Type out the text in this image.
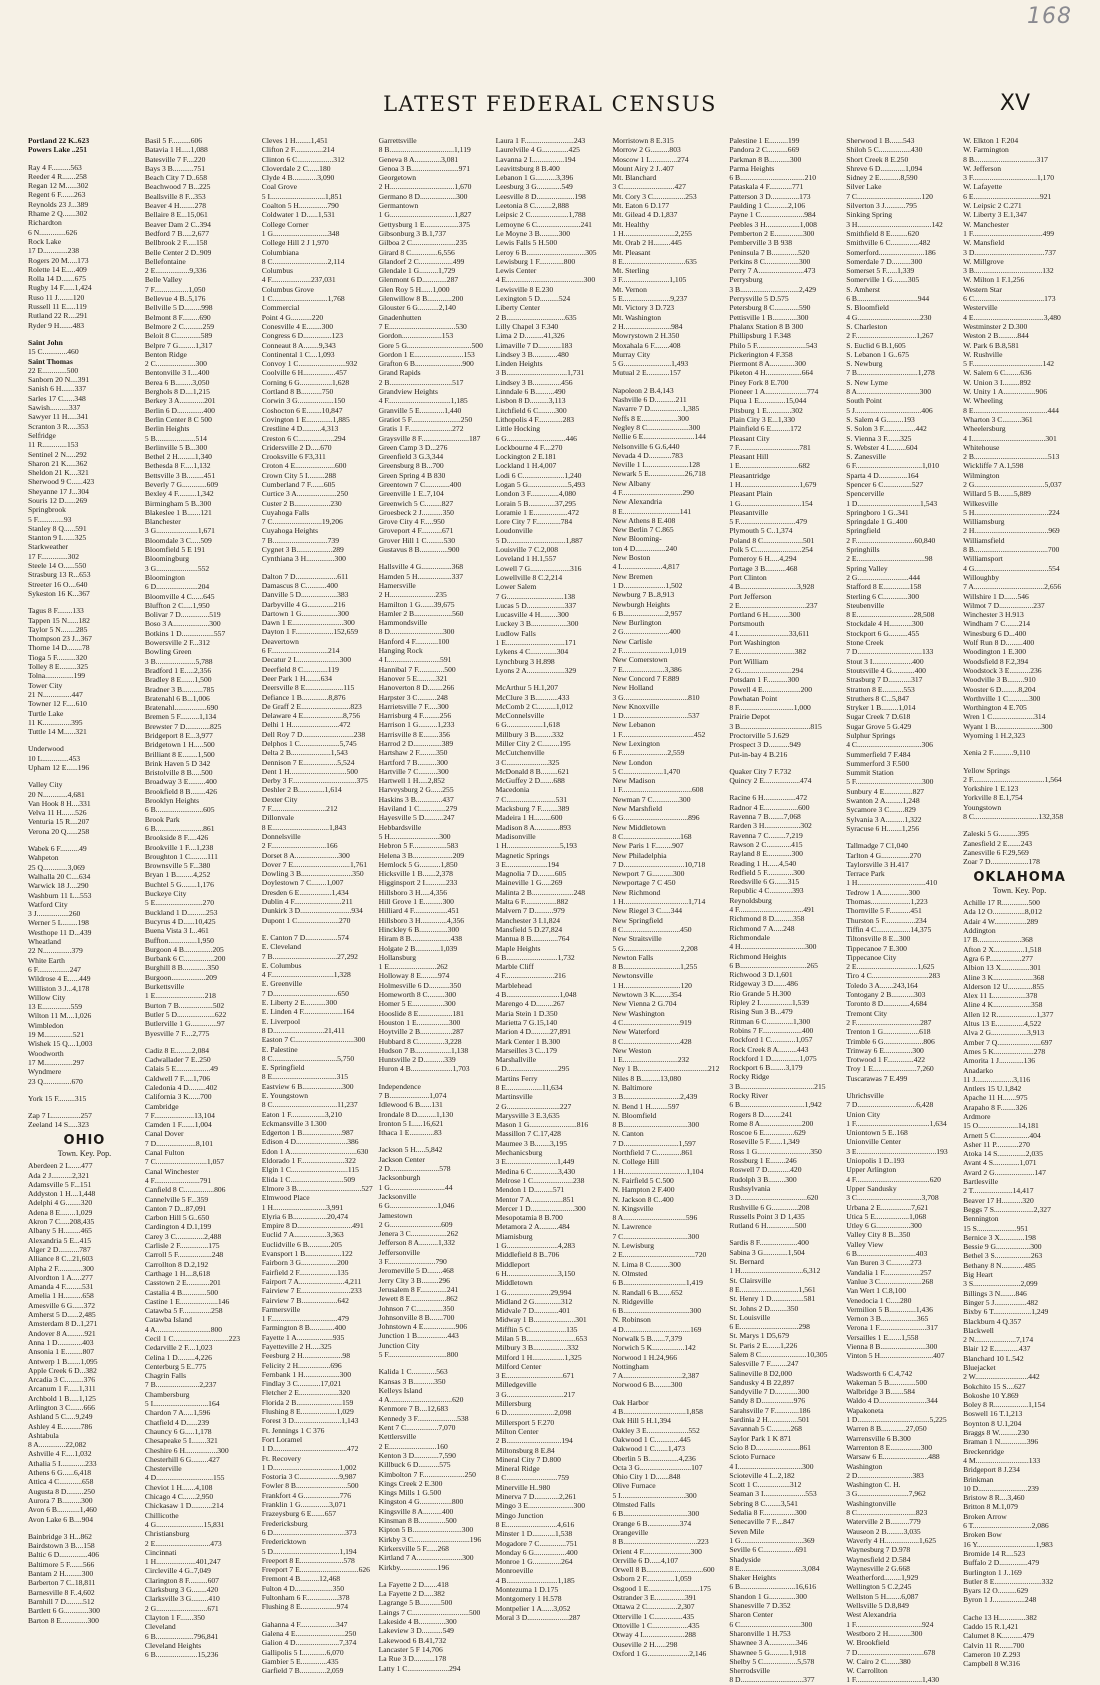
168
LATEST FEDERAL CENSUS	XV
Portland 22 K..623
Powers Lake ..251
Ray 4 F..........563
Reeder 4 R.......258
Regan 12 M......302
Regent 6 F.......263
Reynolds 23 J...389
Rhame 2 Q.......302
Richardton
6 N..............626
Rock Lake
17 D.............238
Rogers 20 M.....173
Rolette 14 E.....409
Rolla 14 D.......675
Rugby 14 F......1,424
Ruso 11 J........120
Russell 11 E.....119
Rutland 22 R....291
Ryder 9 H.......483
Saint John
15 C.............460
Saint Thomas
22 E.............500
Sanborn 20 N....391
Sanish 6 H.......337
Sarles 17 C......348
Sawish..........337
Sawyer 11 H.....341
Scranton 3 R.....353
Selfridge
11 R.............153
Sentinel 2 N.....292
Sharon 21 K.....362
Sheldon 21 K....321
Sherwood 9 C......423
Sheyanne 17 J...304
Souris 12 D......269
Springbrook
5 F..............93
Stanley 8 Q......591
Stanton 9 L......325
Starkweather
17 F..............302
Steele 14 O......550
Strasburg 13 R...653
Streeter 16 O....640
Sykeston 16 K...367
Tagus 8 F........133
Tappen 15 N......182
Taylor 5 N........285
Thompson 23 J...367
Thorne 14 D........78
Tioga 5 F..........320
Tolley 8 E.........325
Tolna...............199
Tower City
21 N...............447
Towner 12 F.....610
Turtle Lake
11 K...............395
Tuttle 14 M......321
Underwood
10 L..............453
Upham 12 E......196
Valley City
20 N.............4,681
Van Hook 8 H....331
Velva 11 H.......526
Venturia 15 R....207
Verona 20 Q......258
Wabek 6 F..........49
Wahpeton
25 Q.............3,069
Walhalla 20 C....634
Warwick 18 J....290
Washburn 11 L...553
Watford City
3 J.................260
Werner 5 L........198
Westhope 11 D...439
Wheatland
22 N...............379
White Earth
6 F.................247
Wildrose 4 E......449
Williston 3 J...4,178
Willow City
13 E...............559
Wilton 11 M....1,026
Wimbledon
19 M...............521
Wishek 15 Q....1,003
Woodworth
17 M...............297
Wyndmere
23 Q...............670
York 15 F.........315
Zap 7 L...............257
Zeeland 14 S.....323
OHIO
Town. Key. Pop.
Aberdeen 2 L......477
Ada 2 J...........2,321
Adamsville 5 F...151
Addyston 1 H....1,448
Adelphi 4 G........320
Adena 8 E........1,029
Akron 7 C.....208,435
Albany 5 H.........465
Alexandria 5 E...415
Alger 2 D...........787
Alliance 8 C...21,603
Alpha 2 F.............300
Alvordton 1 A.....277
Amanda 4 F.........531
Amelia 1 H..........658
Amesville 6 G......372
Amherst 5 D......2,485
Amsterdam 8 D..1,271
Andover 8 A.........921
Anna 1 D.............403
Ansonia 1 E.........807
Antwerp 1 B.......1,095
Apple Creek 6 D...382
Arcadia 3 C..........376
Arcanum 1 F......1,311
Archbold 1 B.....1,125
Arlington 3 C.......666
Ashland 5 C.....9,249
Ashley 4 E..........786
Ashtabula
8 A..............22,082
Ashville 4 F.....1,032
Athalia 5 I.............233
Athens 6 G......6,418
Attica 4 C............658
Augusta 8 D.........250
Aurora 7 B..........300
Avon 6 B............1,460
Avon Lake 6 B....904
Bainbridge 3 H...862
Bairdstown 3 B....158
Baltic 6 D...............406
Baltimore 5 F.......566
Bantam 2 H.........300
Barberton 7 C..18,811
Barnesville 8 F..4,602
Barnhill 7 D.........512
Bartlett 6 G.............300
Barton 8 E..............300
Basil 5 F..........606
Batavia 1 H.....1,088
Batesville 7 F....220
Bays 3 B...........751
Beach City 7 D..658
Beachwood 7 B...225
Beallsville 8 F...353
Beaver 4 H........278
Bellaire 8 E...15,061
Beaver Dam 2 C..394
Bedford 7 B.....2,677
Bellbrook 2 F.....158
Belle Center 2 D..909
Bellefontaine
2 E..................9,336
Belle Valley
7 F..................1,050
Bellevue 4 B..5,176
Bellville 5 D.........998
Belmont 8 F.........690
Belmore 2 C..........259
Beloit 8 C.............589
Belpre 7 G.........1,317
Benton Ridge
2 C.....................300
Bentonville 3 I....400
Berea 6 B.........3,050
Berghols 8 D....1,215
Berkey 3 A.............201
Berlin 6 D..............400
Berlin Center 8 C 500
Berlin Heights
5 B.....................514
Berlinville 5 B...300
Bethel 2 H.........1,340
Bethesda 8 F.....1,132
Bettsville 3 B.........451
Beverly 7 G.............609
Bexley 4 F..........1,342
Birmingham 5 B..300
Blakeslee 1 B.......121
Blanchester
3 G......................1,671
Bloomdale 3 C.....509
Bloomfield 5 E 191
Bloomingburg
3 G......................552
Bloomington
6 D......................204
Bloomville 4 C......645
Bluffton 2 C.....1,950
Bolivar 7 D...............519
Boso 3 A...................300
Botkins 1 D.................557
Bowersville 2 F...312
Bowling Green
3 B.....................5,788
Bradford 1 E.....2,356
Bradley 8 E.......1,500
Bradner 3 B...........785
Bratenahl 6 B...1,006
Bratenahl.................690
Bremen 5 F..........1,134
Brewster 7 D.............825
Bridgeport 8 E...3,977
Bridgetown 1 H.....500
Brilliant 8 E........1,500
Brink Haven 5 D 342
Bristolville 8 B.....500
Broadway 3 E.........400
Brookfield 8 B........426
Brooklyn Heights
6 B.........................605
Brook Park
6 B.........................861
Brookside 8 F.....426
Brookville 1 F....1,238
Broughton 1 C.........111
Brownsville 5 F...380
Bryan 1 B.........4,252
Buchtel 5 G........1,176
Buckeye City
5 E.........................270
Buckland 1 D..........253
Bucyrus 4 D......10,425
Buena Vista 3 I...461
Buffton...............1,950
Burgoon 4 B...............205
Burbank 6 C................200
Burghill 8 B.............350
Burgoon..................209
Burkettsville
1 E..........................218
Burton 7 B..................502
Butler 5 D....................622
Butlerville 1 G..............97
Byesville 7 F....2,775
Cadiz 8 E.........2,084
Cadwallader 7 E..250
Calais 5 E..................49
Caldwell 7 F.....1,706
Caledonia 4 D.........402
California 3 K......700
Cambridge
7 F.....................13,104
Camden 1 F.......1,004
Canal Dover
7 D.....................8,101
Canal Fulton
7 C...........................1,057
Canal Winchester
4 F........................791
Canfield 8 C................806
Cannelville 5 F...359
Canton 7 D...87,091
Carbon Hill 5 G..650
Cardington 4 D.1,199
Carey 3 C...............2,488
Carlisle 2 F...............175
Carroll 5 F..................248
Carrollton 8 D.2,192
Carthage 1 H....8,618
Casstown 2 E............201
Castalia 4 B.............500
Castine 1 E....................146
Catawba 5 F...............258
Catawba Island
4 A.............................800
Cecil 1 C.............................223
Cedarville 2 F....1,023
Celina 1 D.........4,226
Centerburg 5 E..775
Chagrin Falls
7 B.......................2,237
Chambersburg
5 I.............................164
Chardon 7 A.....1,596
Chatfield 4 D......239
Chauncy 6 G.....1,178
Chesapeake 5 I........321
Cheshire 6 H.................300
Chesterhill 6 G.........427
Chesterville
4 D..............................155
Cheviot 1 H.......4,108
Chicago 4 C.......2,950
Chickasaw 1 D...........214
Chillicothe
4 G.........................15,831
Christiansburg
2 E.............................473
Cincinnati
1 H.....................401,247
Circleville 4 G..7,049
Clarington 8 F..........607
Clarksburg 3 G........420
Clarksville 3 G.........410
2 G...........................671
Clayton 1 F.......350
Cleveland
6 B....................796,841
Cleveland Heights
6 B......................15,236
Cleves 1 H........1,451
Clifton 2 F...............214
Clinton 6 C...................312
Cloverdale 2 C......180
Clyde 4 B.............3,090
Coal Grove
5 I.............................1,851
Coalton 5 H...............790
Coldwater 1 D......1,531
College Corner
1 G.............................348
College Hill 2 J 1,970
Columbiana
8 C.............................2,114
Columbus
4 F.....................237,031
Columbus Grove
1 C.............................1,768
Commercial
Point 4 G...........220
Conesville 4 E........300
Congress 6 D...............123
Conneaut 8 A........9,343
Continental 1 C....1,093
Convoy 1 C.........................932
Coolville 6 H.................457
Corning 6 G.................1,628
Cortland 8 B...........750
Corwin 3 G...................150
Coshocton 6 E........10,847
Covington 1 E..............1,885
Crestline 4 D..........4,313
Creston 6 C...................294
Cridersville 2 D.....670
Crooksville 6 F3,311
Croton 4 E.....................600
Crown City 5 I.........288
Cumberland 7 F.......605
Curtice 3 A.....................250
Custer 2 B...................230
Cuyahoga Falls
7 C..........................19,206
Cuyahoga Heights
7 B.............................739
Cygnet 3 B...................289
Cynthiana 3 H...............300
Dalton 7 D......................611
Damascus 8 C...........400
Danville 5 D...................383
Darbyville 4 G..............216
Dartown 1 G...................300
Dawn 1 E...........................300
Dayton 1 F....................152,659
Deavertown
6 F..............................214
Decatur 2 I.......................300
Deerfield 8 C.............119
Deer Park 1 H........634
Deersville 8 E....................115
Defiance 1 B..............8,876
De Graff 2 E..........................823
Delaware 4 E.....................8,756
Delhi 1 H.........................472
Dell Roy 7 D...........................238
Delphos 1 C.....................5,745
Delta 2 B.....................1,543
Dennison 7 E..................5,524
Dent 1 H..............................500
Derby 3 F..................................375
Deshler 2 B..............1,614
Dexter City
7 F.............................212
Dillonvale
8 E..............................1,843
Donnelsville
2 F.............................166
Dorset 8 A.......................300
Dover 7 E..............................1,761
Dowling 3 B...........................350
Doylestown 7 C........1,007
Dresden 6 E.................1,434
Dublin 4 F.........................211
Dunkirk 3 D...........................934
Dupont 1 C......................270
E. Canton 7 D.................574
E. Cleveland
7 B..................................27,292
E. Columbus
4 F.................................1,328
E. Greenville
7 D..................................650
E. Liberty 2 E...........300
E. Linden 4 F.....................164
E. Liverpool
8 D...........................21,411
Easton 7 C...............................300
E. Palestine
8 C..................................5,750
E. Springfield
8 E..................................315
Eastview 6 B.....................300
E. Youngstown
8 C..................................11,237
Eaton 1 F..................3,210
Eckmansville 3 I.300
Edgerton 1 B.....................987
Edison 4 D...........................386
Edon 1 A...................................630
Eldorado 1 F.......................322
Elgin 1 C..............................115
Elida 1 C............................509
Elmore 3 B..................................527
Elmwood Place
1 H............................3,991
Elyria 6 B..................20,474
Empire 8 D.............................491
Euclid 7 A.................3,363
Euclidville 6 B............205
Evansport 1 B...................122
Fairborn 3 G...................200
Fairfield 2 F....................135
Fairport 7 A........................4,211
Fairview 7 E..........................233
Fairview 7 B...................642
Farmersville
1 F...................................479
Farmington 8 B.............400
Fayette 1 A...................935
Fayetteville 2 H.....325
Feesburg 2 H.....................98
Felicity 2 H.................696
Fernbank 1 H...................300
Findlay 3 C............17,021
Fletcher 2 E.....................320
Florida 2 B........................159
Flushing 8 E...................1,029
Forest 3 D.........................1,143
Ft. Jennings 1 C 376
Fort Loramel
1 D.......................................472
Ft. Recovery
1 D...................................1,002
Fostoria 3 C.....................9,987
Fowler 8 B...........................500
Frankfort 4 G...................776
Franklin 1 G...............3,071
Frazeysburg 6 E.......657
Fredericksburg
6 D......................................373
Fredericktown
5 D...................................1,194
Freeport 8 E.......................578
Freeport 7 E...............................626
Fremont 4 B..........12,468
Fulton 4 D....................350
Fultonham 6 F.................378
Flushing 8 E...................974
Gahanna 4 F...................347
Galena 4 E..........................250
Galion 4 D.......................7,374
Gallipolis 5 I.............6,070
Gambier 5 E..............435
Garfield 7 B..............2,059
Garrettsville
8 B..................................1,119
Geneva 8 A..............3,081
Genoa 3 B.........................971
Georgetown
2 H..................................1,670
Germano 8 D...................300
Germantown
1 G..................................1,827
Gettysburg 1 E..................375
Gibsonburg 3 B.1,737
Gilboa 2 C.......................235
Girard 8 C..............6,556
Glandorf 2 C..................499
Glendale 1 G..........1,729
Glenmont 6 D.............287
Glen Roy 5 H......1,000
Glenwillow 8 B.............200
Glouster 6 G...........2,140
Gnadenhutten
7 E...................................530
Gordon.....................153
Gore 5 G..................................500
Gordon 1 E..........................153
Grafton 6 B.........................900
Grand Rapids
2 B.................................517
Grandview Heights
4 F.................................1,185
Granville 5 E.............1,440
Gratiot 5 F..........................250
Gratis 1 F.......................272
Graysville 8 F.........................187
Green Camp 3 D...276
Greenfield 3 G.3,344
Greensburg 8 B...700
Green Spring 4 B 830
Greentown 7 C.............400
Greenville 1 E..7,104
Greenwich 5 C.........827
Groesbeck 2 J...........350
Grove City 4 F.....950
Groveport 4 F...........671
Grover Hill 1 C.........530
Gustavus 8 B...............900
Hallsville 4 G................368
Hamden 5 H..................337
Hamersville
2 H........................235
Hamilton 1 G.......39,675
Hamler 2 B....................560
Hammondsville
8 D............................300
Hanford 4 F............100
Hanging Rock
4 I............................591
Hannibal 7 F..............500
Hanover 5 E..........321
Hanoverton 8 D........266
Harpster 3 C..........248
Harrietsville 7 F.....300
Harrisburg 4 F.........256
Harrison 1 G..........1,233
Harrisville 8 E........356
Harrod 2 D...............389
Hartshaw 2 F.........350
Hartford 7 B..........300
Hartville 7 C..........300
Hartwell 1 H.....2,852
Harveysburg 2 G......255
Haskins 3 B..............437
Haviland 1 C..............279
Hayesville 5 D..........247
Hebbardsville
5 H..........................300
Hebron 5 F..................583
Helena 3 B.....................209
Hemlock 5 G...........1,850
Hicksville 1 B.......2,378
Higginsport 2 I...........233
Hillsboro 3 H.....4,356
Hill Grove 1 E..........300
Hilliard 4 F..................451
Hillsboro 3 H..............4,356
Hinckley 6 B...............300
Hiram 8 B.....................438
Holgate 2 B.............1,039
Hollansburg
1 E.........................262
Holloway 8 E.........974
Holmesville 6 D...........350
Homeworth 8 C.........300
Homer 5 E.................300
Hooslide 8 E..................181
Houston 1 E.................300
Hoytville 2 B.................287
Hubbard 8 C..............3,228
Hudson 7 B...................1,138
Huntsville 2 D...........339
Huron 4 B......................1,703
Independence
7 B.....................1,074
Idlewood 6 B......131
Irondale 8 D..........1,130
Ironton 5 I......16,621
Ithaca 1 E.............83
Jackson 5 H.....5,842
Jackson Center
2 D..........................578
Jacksonburgh
1 G.............................44
Jacksonville
6 G.........................1,046
Jamestown
2 G...........................609
Jenera 3 C...................262
Jefferson 8 A..........1,332
Jeffersonville
3 F.........................790
Jeromeville 5 D........468
Jerry City 3 B.........296
Jerusalem 8 F..............241
Jewett 8 E...................862
Johnson 7 C..............350
Johnsonville 8 B.......700
Johnstown 4 E.................906
Junction 1 B................443
Junction City
5 F...............................800
Kalida 1 C.............563
Kansas 3 B...........350
Kelleys Island
4 A.................................620
Kenmore 7 B....12,683
Kennedy 3 F.....................538
Kent 7 C.................7,070
Kettlersville
2 E.........................160
Kenton 3 D.............7,590
Killbuck 6 D...........575
Kimbolton 7 F......................250
Kings Creek 2 E.300
Kings Mills 1 G.500
Kingston 4 G.................800
Kingsville 8 A..........400
Kinsman 8 B..............500
Kipton 5 B..........................300
Kirkby 3 C..............................196
Kirkersville 5 F......268
Kirtland 7 A........................300
Kirkby....................196
La Fayette 2 D.......418
La Fayette 2 D.....382
Lagrange 5 B...........500
Laings 7 C..............................500
Lakeside 4 B..............300
Lakeview 3 D...........549
Lakewood 6 B.41,732
Lancaster 5 F 14,706
La Rue 3 D...........178
Latty 1 C......................294
Laura 1 F..........................243
Laurelville 4 G..............425
Lavanna 2 I.................194
Leavittsburg 8 B.400
Lebanon 1 G...........3,396
Leesburg 3 G.............549
Leesville 8 D....................198
Leetonia 8 C.........2,888
Leipsic 2 C....................1,788
Lemoyne 6 C.......................241
Le Moyne 3 B..........300
Lewis Falls 5 H.500
Leroy 6 B...............................305
Lewisburg 1 F.............800
Lewis Center
4 E.........................................300
Lewisville 8 E.230
Lexington 5 D..........524
Liberty Center
2 B...............................635
Lilly Chapel 3 F.340
Lima 2 D..........41,326
Limaville 7 D............183
Lindsey 3 B.............480
Linden Heights
3 B................................1,731
Lindsey 3 B...............456
Linndale 6 B..........490
Lisbon 8 D..........3,113
Litchfield 6 C.........300
Lithopolis 4 F.............283
Little Hocking
6 G...............................446
Lockbourne 4 F....270
Lockington 2 E.181
Lockland 1 H.4,007
Lodi 6 C......................1,240
Logan 5 G.....................5,493
London 3 F...............4,080
Lorain 5 B..............37,295
Loramie 1 E..................472
Lore City 7 F.............784
Loudonville
5 D...............................1,887
Louisville 7 C.2,008
Loveland 1 H.1,557
Lowell 7 G.....................316
Lowellville 8 C.2,214
Lower Salem
7 G..............................138
Lucas 5 D....................337
Lucasville 4 H.........300
Luckey 3 B...................300
Ludlow Falls
1 E...............................171
Lykens 4 C..............304
Lynchburg 3 H.898
Lyons 2 A....................329
McArthur 5 H.1,207
McClure 3 B............433
McComb 2 C..........1,012
McConnelsville
6 G...................1,618
Millbury 3 B.........332
Miller City 2 C.........195
McCutchenville
3 C......................325
McDonald 8 B.........621
McGuffey 2 D.......688
Macedonia
7 C..........................531
Macksburg 7 F.........389
Madeira 1 H.........600
Madison 8 A.............893
Madisonville
1 H............................5,193
Magnetic Springs
3 E......................194
Magnolia 7 D.........605
Maineville 1 G.....269
Malinta 2 B......................248
Malta 6 F.................882
Malvern 7 D..........979
Manchester 3 I.1,824
Mansfield 5 D.27,824
Mantua 8 B..............764
Maple Heights
6 B...........................1,732
Marble Cliff
4 F..........................216
Marblehead
4 B............................1,048
Marengo 4 D.........267
Maria Stein 1 D.350
Marietta 7 G.15,140
Marion 4 D..........27,891
Mark Center 1 B.300
Marseilles 3 C...179
Marshallville
6 D...........................295
Martins Ferry
8 E...................11,634
Martinsville
2 G............................227
Marysville 3 E.3,635
Mason 1 G.........................816
Massillon 7 C.17,428
Maumee 3 B........3,195
Mechanicsburg
3 E...........................1,449
Medina 6 C..............3,430
Melrose 1 C.....................238
Mendon 1 D..........571
Mentor 7 A.................851
Mercer 1 D.......................300
Mesopotamia 8 B.700
Metamora 2 A..........484
Miamisburg
1 G...........................4,283
Middlefield 8 B..706
Middleport
6 H...........................3,150
Middletown
1 G.......................29,994
Midland 2 G..............312
Midvale 7 D.............401
Midway 1 B......................301
Mifflin 5 C...................135
Milan 5 B..........................653
Milbury 3 B..................332
Milford 1 H.................1,325
Milford Center
3 E..............................671
Milledgeville
3 G..............................217
Millersburg
6 D.........................2,098
Millersport 5 F.270
Milton Center
2 B.............................194
Miltonsburg 8 E.84
Mineral City 7 D.800
Mineral Ridge
8 C...........................759
Minerville H..980
Minerva 7 D.............2,261
Mingo 3 E........................300
Mingo Junction
8 E...........................4,616
Minster 1 D............1,538
Mogadore 7 C..............751
Monday 6 G.................400
Monroe 1 G...............264
Monroeville
4 B...........................1,185
Montezuma 1 D.175
Montgomery 1 H.578
Montpelier 1 A......3,052
Moral 3 D......................287
Morristown 8 E.315
Morrow 2 G..........803
Moscow 1 I...............274
Mount Airy 2 J..407
Mt. Blanchard
3 C...........................427
Mt. Cory 3 C.................253
Mt. Eaton 6 D.177
Mt. Gilead 4 D.1,837
Mt. Healthy
1 H...........................2,255
Mt. Orab 2 H.........445
Mt. Pleasant
8 E.................................635
Mt. Sterling
3 F.........................1,105
Mt. Vernon
5 E.........................9,237
Mt. Victory 3 D.723
Mt. Washington
2 H.........................984
Mowrystown 2 H.350
Moxahala 6 F........408
Murray City
5 G.........................1,493
Mutual 2 E............157
Napoleon 2 B.4,143
Nashville 6 D...........211
Navarre 7 D.................1,385
Neffs 8 E...................300
Negley 8 C......................300
Nellie 6 E...........................144
Nelsonville 6 G.6,440
Nevada 4 D............783
Neville 1 I.......................128
Newark 5 E...................26,718
New Albany
4 F................................290
New Alexandria
8 E..............................141
New Athens 8 E.408
New Berlin 7 C.865
New Blooming-
ton 4 D................240
New Boston
4 I......................4,817
New Bremen
1 D......................1,502
Newburg 7 B..8,913
Newburgh Heights
6 B......................2,957
New Burlington
2 G........................400
New Carlisle
2 F.........................1,019
New Comerstown
7 E......................3,386
New Concord 7 F.889
New Holland
3 G..................................810
New Knoxville
1 D..................................537
New Lebanon
1 F......................................452
New Lexington
6 F........................2,559
New London
5 C.....................1,470
New Madison
1 F.....................................608
Newman 7 C..............300
New Marshfield
6 G..................................896
New Middletown
8 C..............................168
New Paris 1 F.........907
New Philadelphia
7 D................................10,718
Newport 7 G...........300
Newportage 7 C 450
New Richmond
1 H..................................1,714
New Riegel 3 C.....344
New Springfield
8 C..............................450
New Straitsville
5 G..............................2,208
Newton Falls
8 B..............................1,255
Newtonsville
1 H..............................120
Newtown 3 K........354
New Vienna 2 G.704
New Washington
4 C..............................919
New Waterford
8 C..............................428
New Weston
1 E.............................232
Ney 1 B.....................................212
Niles 8 B..........13,080
N. Baltimore
3 B..............................2,439
N. Bend 1 H.........597
N. Bloomfield
8 B..................................300
N. Canton
7 D.............................1,597
Northfield 7 C.............861
N. College Hill
1 H.................................1,104
N. Fairfield 5 C.500
N. Hampton 2 F.400
N. Jackson 8 C..400
N. Kingsville
8 A.................................596
N. Lawrence
7 C..................................300
N. Lewisburg
2 E......................................720
N. Lima 8 C..........300
N. Olmsted
6 B.................................1,419
N. Randall 6 B.......652
N. Ridgeville
6 B...................................300
N. Robinson
4 D...................................169
Norwalk 5 B.......7,379
Norwich 5 K.................142
Norwood 1 H.24,966
Nottingham
7 A...............................2,387
Norwood 6 B.........300
Oak Harbor
4 B.................................1,858
Oak Hill 5 H.1,394
Oakley 3 E......................552
Oakwood 1 C.............445
Oakwood 1 C.......1,473
Oberlin 5 B................4,236
Octa 3 G...........................107
Ohio City 1 D.......848
Olive Furnace
5 I..................................300
Olmsted Falls
6 B..................................300
Orange 6 B.................374
Orangeville
8 B.......................................223
Orient 4 F.........................300
Orrville 6 D......4,107
Orwell 8 B..............................600
Osborn 2 F...............1,059
Osgood 1 E...........................175
Ostrander 3 E................391
Ottawa 2 C................2,307
Otterville 1 C...............435
Ottoville 1 C...................435
Otway 4 I......................288
Ouseville 2 H......298
Oxford 1 G......................2,146
Palestine 1 E..........199
Pandora 2 C...........669
Parkman 8 B...........300
Parma Heights
6 B..................................210
Pataskala 4 F............771
Patterson 3 D...............173
Paulding 1 C..........2,106
Payne 1 C.......................984
Peebles 3 H..................1,008
Pemberton 2 E...............300
Pemberville 3 B 938
Peninsula 7 B..............520
Perkins 8 C..................300
Perry 7 A........................473
Perrysburg
3 B...............................2,429
Perrysville 5 D.575
Petersburg 8 C.............590
Pettisville 1 B.............300
Phalanx Station 8 B 300
Phillipsburg 1 F.348
Philo 5 F..........................543
Pickerington 4 F.358
Piermont 8 A.............300
Piketon 4 H...................664
Piney Fork 8 E.700
Pioneer 1 A......................774
Piqua 1 E..............15,044
Pitsburg 1 E.............302
Plain City 3 E...1,330
Plainfield 6 E..........172
Pleasant City
7 F................................781
Pleasant Hill
1 E...............................682
Pleasantridge
1 H...............................1,679
Pleasant Plain
1 G................................154
Pleasantville
5 F..............................479
Plymouth 5 C..1,374
Poland 8 C.....................501
Polk 5 C........................254
Pomeroy 6 H.....4,294
Portage 3 B...........468
Port Clinton
4 B..............................3,928
Port Jefferson
2 E...................................237
Portland 6 H...........300
Portsmouth
4 I...........................33,611
Port Washington
7 E.............................382
Port William
2 G...........................294
Potsdam 1 F...........300
Powell 4 E....................200
Powhatan Point
8 F.............................1,000
Prairie Depot
3 B.....................................815
Proctorville 5 J.629
Prospect 3 D...........949
Put-in-bay 4 B.216
Quaker City 7 F.732
Quincy 2 E...................474
Racine 6 H.................472
Radnor 4 E..................600
Ravenna 7 B........7,068
Rarden 3 H...................302
Ravenna 7 C.........7,219
Rawson 2 C.............415
Rayland 8 E.............300
Reading 1 H......4,540
Redfield 5 F..............300
Reedsville 6 G.......315
Republic 4 C............393
Reynoldsburg
4 F..................................491
Richmond 8 D..........358
Richmond 7 A.....248
Richmondale
4 H..................................300
Richmond Heights
6 B...................................265
Richwood 3 D.1,601
Ridgeway 3 D.......486
Rio Grande 5 H.300
Ripley 2 I.................1,539
Rising Sun 3 B...479
Rittman 6 C..............1,300
Robins 7 F.....................400
Rockford 1 C.............1,057
Rock Creek 8 A..........443
Rockford 1 D...............1,075
Rockport 6 B........3,179
Rocky Ridge
3 B.......................................215
Rocky River
6 B..................................1,942
Rogers 8 D.........241
Rome 8 A......................200
Roscoe 6 E................629
Roseville 5 F.......1,349
Ross 1 G............................350
Rossburg 1 E........246
Roswell 7 D............420
Rudolph 3 B.........300
Rushsylvania
3 D...................................620
Rushville 6 G..............208
Russells Point 3 D 1,435
Rutland 6 H...............500
Sardis 8 F....................400
Sabina 3 G.............1,504
St. Bernard
1 H.................................6,312
St. Clairsville
8 E...............................1,561
St. Henry 1 D.................581
St. Johns 2 D.........350
St. Louisville
6 E...............................298
St. Marys 1 D5,679
St. Paris 2 E.......1,226
Salem 8 C........................10,305
Salesville 7 F.........247
Salineville 8 D2,000
Sandusky 4 B 22,897
Sandyville 7 D............300
Sandy 8 D.................976
Sarahsville 7 F.............186
Sardinia 2 H................501
Savannah 5 C..........268
Saylor Park 1 K 871
Scio 8 D.......................861
Scioto Furnace
4 I..................................300
Scioteville 4 I...2,182
Scott 1 C.................312
Seaman 3 I......................553
Sebring 8 C........3,541
Sedalia 8 F.................300
Senecaville 7 F....847
Seven Mile
1 G.................................369
Seville 6 C.................691
Shadyside
8 E.................................3,084
Shaker Heights
6 B.............................16,616
Shandon 1 G..............300
Shanesville 7 D.352
Sharon Center
6 C................................300
Sharonville 1 H.753
Shawnee 3 A..............346
Shawnee 5 G..........1,918
Shelby 5 C..................5,578
Sherrodsville
8 D.................................377
Sherwood 1 B.......543
Shiloh 5 C.................430
Short Creek 8 E.250
Shreve 6 D.............1,094
Sidney 2 E...........8,590
Silver Lake
7 C..................................120
Silverton 3 J...........795
Sinking Spring
3 H.......................................142
Smithfield 8 E.........620
Smithville 6 C...............482
Somerford........................186
Somerdale 7 D..........300
Somerset 5 F......1,339
Somerville 1 G........305
S. Amherst
6 B................................944
S. Bloomfield
4 G.................................230
S. Charleston
2 F................................1,267
S. Euclid 6 B.1,605
S. Lebanon 1 G..675
S. Newburg
7 B................................1,278
S. New Lyme
8 A.................................300
South Point
5 J...................................406
S. Salem 4 G.........193
S. Solon 3 F.................442
S. Vienna 3 F.......325
S. Webster 4 I.........604
S. Zanesville
6 F...................................1,010
Sparta 4 D...............164
Spencer 6 C...............527
Spencerville
1 D.................................1,543
Springboro 1 G..341
Springdale 1 G..400
Springfield
2 F...............................60,840
Springhills
2 E....................................98
Spring Valley
2 G...........................444
Stafford 8 E..............158
Sterling 6 C.............300
Steubenville
8 E..............................28,508
Stockdale 4 H............300
Stockport 6 G..........455
Stone Creek
7 D..................................133
Stout 3 I.....................400
Stoutsville 4 G............400
Strasburg 7 D............317
Stratton 8 E...........553
Struthers 8 C...5,847
Stryker 1 B.........1,014
Sugar Creek 7 D.618
Sugar Grove 5 G.429
Sulphur Springs
4 C..................................306
Summerfield 7 F.484
Summerford 3 F.500
Summit Station
5 F...................................300
Sunbury 4 E...............827
Swanton 2 A.........1,248
Sycamore 3 C........829
Sylvania 3 A..........1,322
Syracuse 6 H........1,256
Tallmadge 7 C1,040
Tarlton 4 G...............270
Taylorsville 3 H.417
Terrace Park
1 H....................................410
Tedrow 1 A..............300
Thomas.....................1,223
Thornville 5 F...........451
Thurston 5 F................234
Tiffin 4 C..................14,375
Tiltonsville 8 E...300
Tippecanoe 7 E.300
Tippecanoe City
2 E................................1,625
Tiro 4 C..............................283
Toledo 3 A.......243,164
Tontogany 2 B............303
Toronto 8 D..............4,684
Tremont City
2 F..................................287
Trenton 1 G...................618
Trimble 6 G.....................806
Trinway 6 E...............300
Trotwood 1 F..............422
Troy 1 E.......................7,260
Tuscarawas 7 E.499
Uhrichsville
7 D...............................6,428
Union City
1 F.......................................1,634
Uniontown 5 E..168
Unionville Center
3 E..........................................193
Uniopolis 1 D..193
Upper Arlington
4 F.......................................620
Upper Sandusky
3 C..................................3,708
Urbana 2 E................7,621
Utica 5 E..................1,068
Utley 6 G..................300
Valley City 8 B...350
Valley View
6 B...............................403
Van Buren 3 C..........273
Vandalia 1 F...................257
Vanlue 3 C......................268
Van Wert 1 C.8,100
Venedocia 1 C.....280
Vermilion 5 B..............1,436
Vernon 3 B...................365
Verona 1 F.........................317
Versailles 1 E.......1,558
Vienna 8 B........................300
Vinton 5 H............................407
Wadsworth 6 C.4,742
Wakeman 5 B..............500
Walbridge 3 B.......584
Waldo 4 D.........................344
Wapakoneta
1 D......................................5,225
Warren 8 B.............27,050
Warrensville 6 B.300
Warrenton 8 E................300
Warsaw 6 E........................488
Washington
2 D.............................383
Washington C. H.
3 G...........................7,962
Washingtonville
8 C...............................823
Waterville 2 B..........779
Wauseon 2 B.........3,035
Waverly 4 H..................1,625
Waynesburg 7 D.978
Waynesfield 2 D.584
Waynesville 2 G.668
Weatherford.........1,929
Wellington 5 C.2,245
Wellston 5 H........6,087
Wellsville 5 D.8,849
West Alexandria
1 F...................................924
Westboro 2 H............300
W. Brookfield
7 D...................................678
W. Cairo 2 C.......380
W. Carrollton
1 F...................................1,430
W. Elkton 1 F.204
W. Farmington
8 B.................................317
W. Jefferson
3 F..................................1,170
W. Lafayette
6 E...................................921
W. Leipsic 2 C.271
W. Liberty 3 E.1,347
W. Manchester
1 F.....................................499
W. Mansfield
3 D.....................................737
W. Millgrove
3 B....................................132
W. Milton 1 F.1,256
Western Star
6 C.....................................173
Westerville
4 E.....................................3,480
Westminster 2 D.300
Weston 2 B..........844
W. Park 6 B.8,581
W. Rushville
5 F.....................................142
W. Salem 6 C........636
W. Union 3 I.........892
W. Unity 1 A.................906
W. Wheeling
8 E.......................................444
Wharton 3 C..........361
Wheelersburg
4 I.......................................301
Whitehouse
2 B.......................................513
Wickliffe 7 A.1,598
Wilmington
2 G.....................................5,037
Willard 5 B........5,889
Wilkesville
5 H.......................................224
Williamsburg
2 H.......................................969
Williamsfield
8 B.......................................700
Williamsport
4 G.......................................554
Willoughby
7 A.....................................2,656
Willshire 1 D.......546
Wilmot 7 D..................237
Winchester 3 H.913
Windham 7 C.......214
Winesburg 6 D...400
Wolf Run 8 D.........400
Woodington 1 E.300
Woodsfield 8 F.2,394
Woodstock 3 E...........236
Woodville 3 B.........910
Wooster 6 D.........8,204
Worthville 1 C...........300
Worthington 4 E.705
Wren 1 C......................314
Wyant 1 B........................300
Wyoming 1 H.2,323
Xenia 2 F...........9,110
Yellow Springs
2 F......................................1,564
Yorkshire 1 E.123
Yorkville 8 E.1,754
Youngstown
8 C..................................132,358
Zaleski 5 G..........395
Zanesfield 2 E.......243
Zanesville 6 F.29,569
Zoar 7 D....................178
OKLAHOMA
Town. Key. Pop.
Achille 17 R..............500
Ada 12 O.................8,012
Adair 4 W.................289
Addington
17 B.......................368
Afton 2 X................1,518
Agra 6 P.................277
Albion 13 X...............301
Aline 3 K.....................368
Alderson 12 U.............855
Alex 11 L.................378
Aline 4 K....................358
Allen 12 R.....................1,377
Altus 13 E...............4,522
Alva 2 G...................3,913
Amber 7 Q.......................697
Ames 5 K.....................278
Amorita 1 J.............136
Anadarko
11 J....................3,116
Antlers 15 U.1,842
Apache 11 H.......975
Arapaho 8 F........326
Ardmore
15 O.....................14,181
Arnett 5 C..................404
Asher 11 P............270
Atoka 14 S...............2,035
Avant 4 S..............1,071
Avard 2 G.....................147
Bartlesville
2 T.....................14,417
Beaver 17 H...........320
Beggs 7 S.....................2,327
Bennington
15 S.....................951
Bernice 3 X.............198
Bessie 9 G..................300
Bethel 3 S...................263
Bethany 8 N............485
Big Heart
3 S.........................2,099
Billings 3 N........846
Binger 5 J.................482
Bixby 6 T....................1,249
Blackburn 4 Q.357
Blackwell
2 N......................7,174
Blair 12 E.............437
Blanchard 10 L.542
Bluejacket
2 W............................442
Bokchito 15 S....627
Bokoshe 10 Y.869
Boley 8 R..................1,154
Boswell 16 T.1,213
Boynton 8 U.1,204
Braggs 8 W..........230
Braman 1 N..............396
Breckenridge
4 M............................133
Bridgeport 8 J.234
Brinkman
10 D..........................239
Bristow 8 R....3,460
Britton 8 M.1,079
Broken Arrow
6 T...............................2,086
Broken Bow
16 Y...............................1,983
Bromide 14 R....523
Buffalo 2 D...............479
Burlington 1 J..169
Butler 8 E.........................332
Byars 12 O..........629
Byron 1 J.................248
Cache 13 H..............382
Caddo 15 R.1,421
Calumet 8 K...........479
Calvin 11 R.......700
Cameron 10 Z.293
Campbell 8 W.316
